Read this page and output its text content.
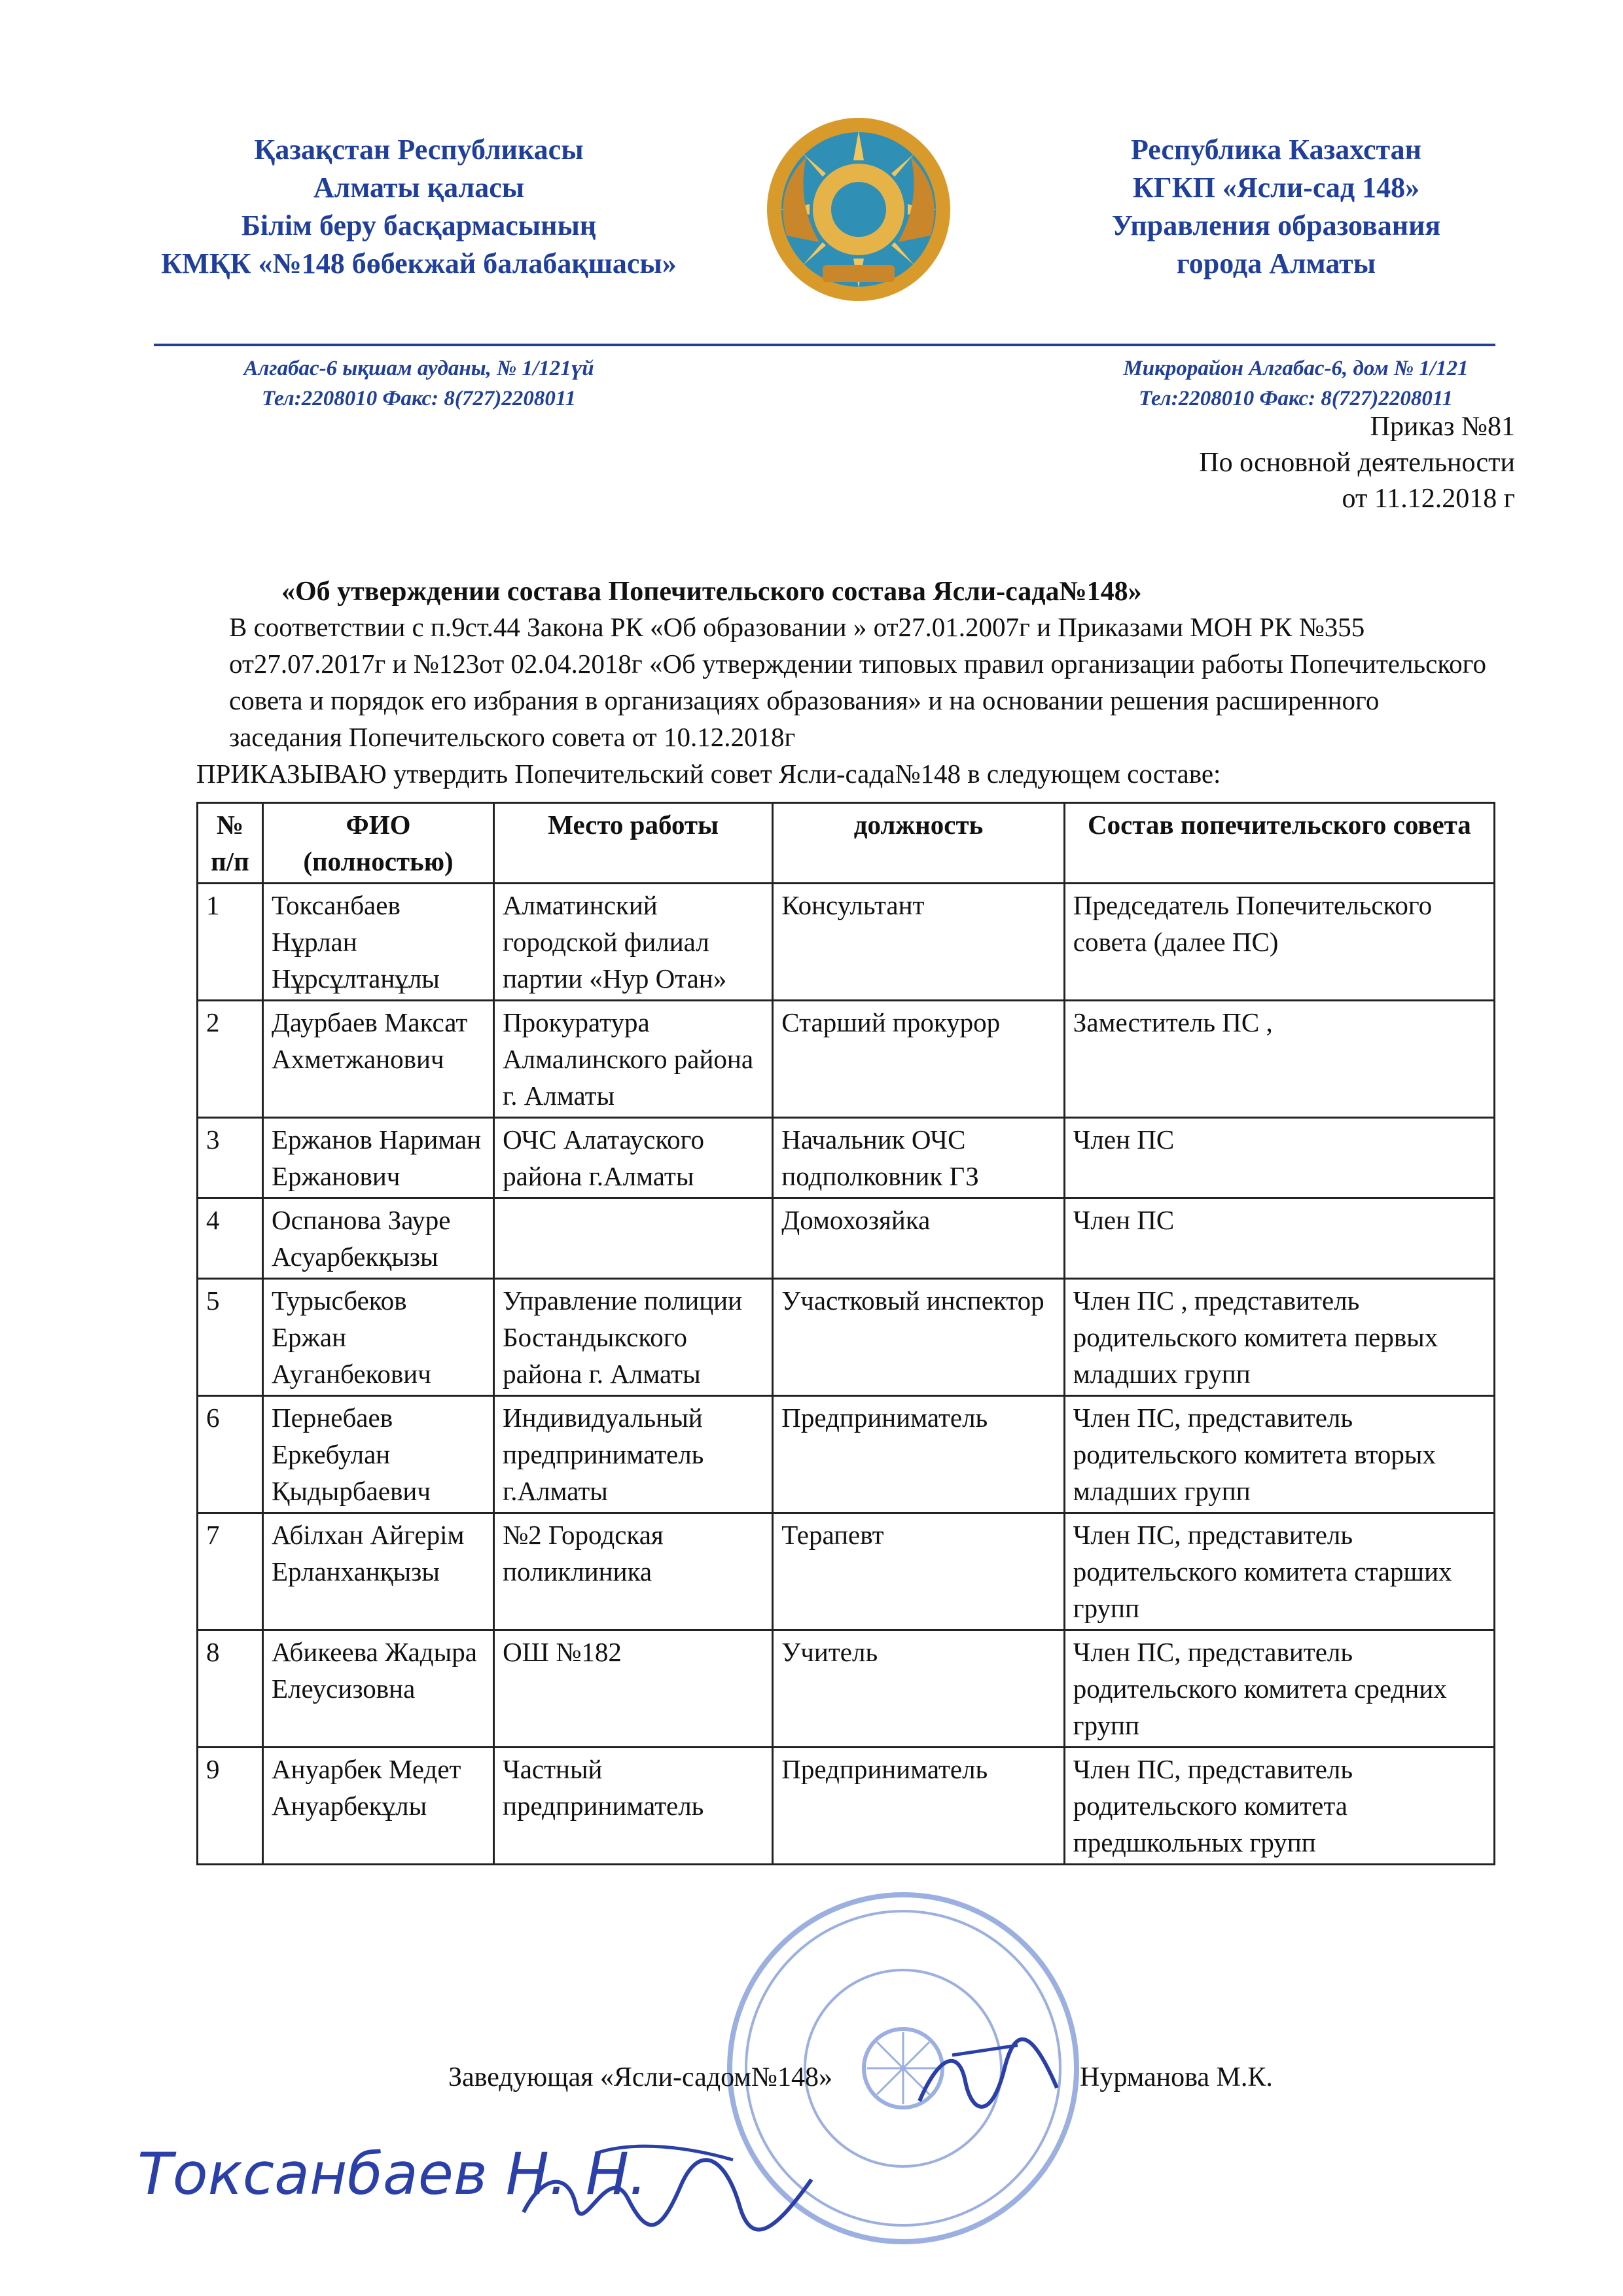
Қазақстан Республикасы
Алматы қаласы
Білім беру басқармасының
КМҚК «№148 бөбекжай балабақшасы»
Республика Казахстан
КГКП «Ясли-сад 148»
Управления образования
города Алматы
Алгабас-6 ықшам ауданы, № 1/121үй
Тел:2208010 Факс: 8(727)2208011
Микрорайон Алгабас-6, дом № 1/121
Тел:2208010 Факс: 8(727)2208011
Приказ №81
По основной деятельности
от 11.12.2018 г
«Об утверждении состава Попечительского состава Ясли-сада№148»
В соответствии с п.9ст.44 Закона РК «Об образовании » от27.01.2007г и Приказами МОН РК №355 от27.07.2017г и №123от 02.04.2018г «Об утверждении типовых правил организации работы Попечительского совета и порядок его избрания в организациях образования» и на основании решения расширенного заседания Попечительского совета от 10.12.2018г
ПРИКАЗЫВАЮ утвердить Попечительский совет Ясли-сада№148 в следующем составе:
№ п/п	ФИО (полностью)	Место работы	должность	Состав попечительского совета
1	Токсанбаев Нұрлан Нұрсұлтанұлы	Алматинский городской филиал партии «Нур Отан»	Консультант	Председатель Попечительского совета (далее ПС)
2	Даурбаев Максат Ахметжанович	Прокуратура Алмалинского района г. Алматы	Старший прокурор	Заместитель ПС ,
3	Ержанов Нариман Ержанович	ОЧС Алатауского района г.Алматы	Начальник ОЧС подполковник ГЗ	Член ПС
4	Оспанова Зауре Асуарбекқызы		Домохозяйка	Член ПС
5	Турысбеков Ержан Ауганбекович	Управление полиции Бостандыкского района г. Алматы	Участковый инспектор	Член ПС , представитель родительского комитета первых младших групп
6	Пернебаев Еркебулан Қыдырбаевич	Индивидуальный предприниматель г.Алматы	Предприниматель	Член ПС, представитель родительского комитета вторых младших групп
7	Абілхан Айгерім Ерланханқызы	№2 Городская поликлиника	Терапевт	Член ПС, представитель родительского комитета старших групп
8	Абикеева Жадыра Елеусизовна	ОШ №182	Учитель	Член ПС, представитель родительского комитета средних групп
9	Ануарбек Медет Ануарбекұлы	Частный предприниматель	Предприниматель	Член ПС, представитель родительского комитета предшкольных групп
Заведующая «Ясли-садом№148»	Нурманова М.К.
Токсанбаев Н. Н.
